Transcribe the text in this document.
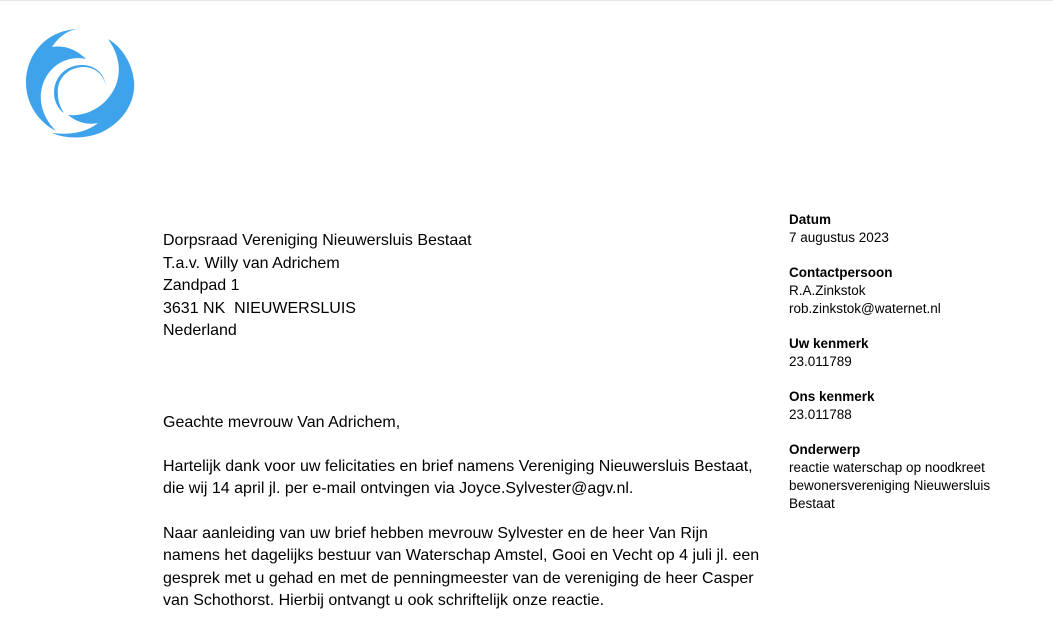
Dorpsraad Vereniging Nieuwersluis Bestaat
T.a.v. Willy van Adrichem
Zandpad 1
3631 NK  NIEUWERSLUIS
Nederland
Datum
7 augustus 2023
Contactpersoon
R.A.Zinkstok
rob.zinkstok@waternet.nl
Uw kenmerk
23.011789
Ons kenmerk
23.011788
Onderwerp
reactie waterschap op noodkreet
bewonersvereniging Nieuwersluis
Bestaat

Geachte mevrouw Van Adrichem,

Hartelijk dank voor uw felicitaties en brief namens Vereniging Nieuwersluis Bestaat,
die wij 14 april jl. per e-mail ontvingen via Joyce.Sylvester@agv.nl.

Naar aanleiding van uw brief hebben mevrouw Sylvester en de heer Van Rijn
namens het dagelijks bestuur van Waterschap Amstel, Gooi en Vecht op 4 juli jl. een
gesprek met u gehad en met de penningmeester van de vereniging de heer Casper
van Schothorst. Hierbij ontvangt u ook schriftelijk onze reactie.
